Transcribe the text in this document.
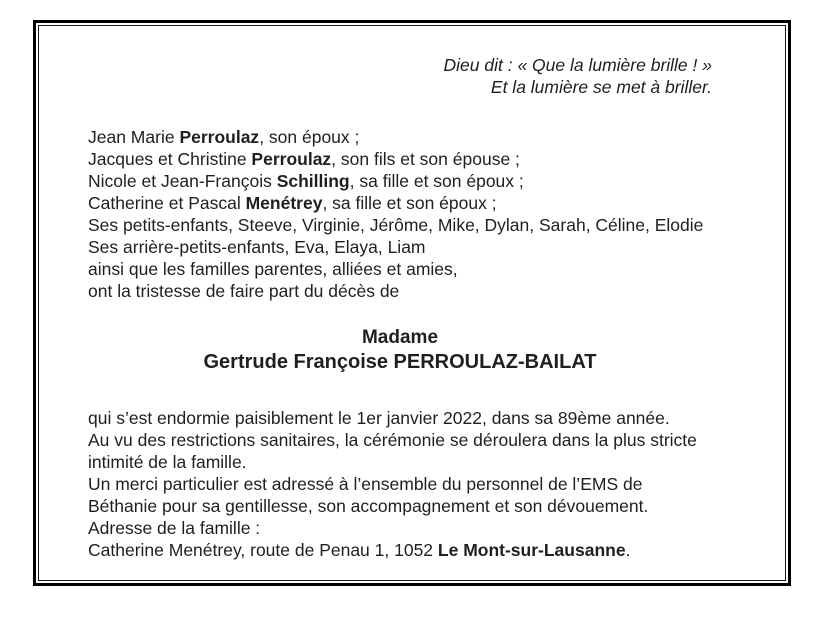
Dieu dit : « Que la lumière brille ! »
Et la lumière se met à briller.
Jean Marie Perroulaz, son époux ;
Jacques et Christine Perroulaz, son fils et son épouse ;
Nicole et Jean-François Schilling, sa fille et son époux ;
Catherine et Pascal Menétrey, sa fille et son époux ;
Ses petits-enfants, Steeve, Virginie, Jérôme, Mike, Dylan, Sarah, Céline, Elodie
Ses arrière-petits-enfants, Eva, Elaya, Liam
ainsi que les familles parentes, alliées et amies,
ont la tristesse de faire part du décès de
Madame
Gertrude Françoise PERROULAZ-BAILAT
qui s’est endormie paisiblement le 1er janvier 2022, dans sa 89ème année.
Au vu des restrictions sanitaires, la cérémonie se déroulera dans la plus stricte
intimité de la famille.
Un merci particulier est adressé à l’ensemble du personnel de l’EMS de
Béthanie pour sa gentillesse, son accompagnement et son dévouement.
Adresse de la famille :
Catherine Menétrey, route de Penau 1, 1052 Le Mont-sur-Lausanne.
